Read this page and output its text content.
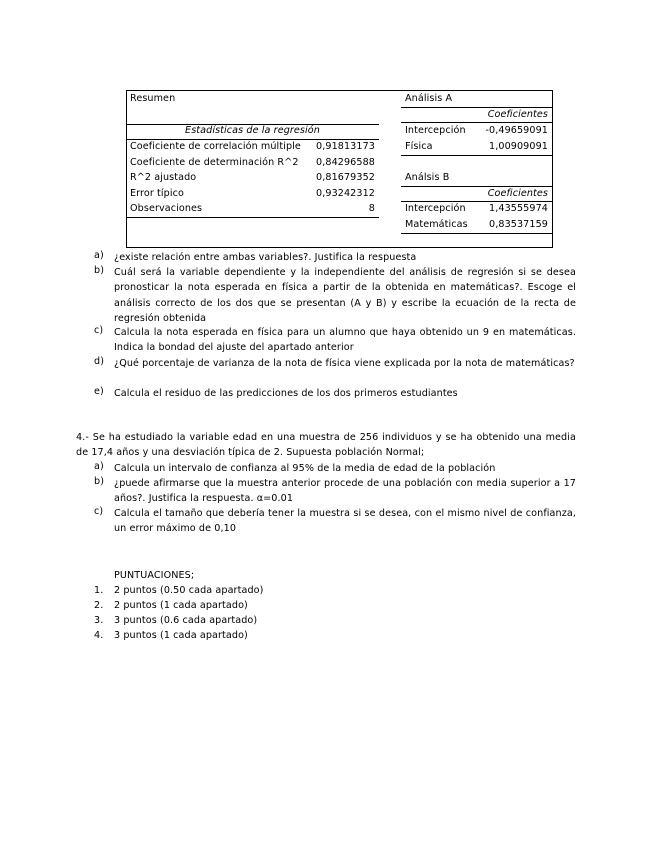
Resumen
Estadísticas de la regresión
Coeficiente de correlación múltiple	0,91813173
Coeficiente de determinación R^2	0,84296588
R^2 ajustado	0,81679352
Error típico	0,93242312
Observaciones	8
Análisis A
Coeficientes
Intercepción	-0,49659091
Física	1,00909091
Análsis B
Coeficientes
Intercepción	1,43555974
Matemáticas	0,83537159
a) ¿existe relación entre ambas variables?. Justifica la respuesta
b) Cuál será la variable dependiente y la independiente del análisis de regresión si se desea pronosticar la nota esperada en física a partir de la obtenida en matemáticas?. Escoge el análisis correcto de los dos que se presentan (A y B) y escribe la ecuación de la recta de regresión obtenida
c) Calcula la nota esperada en física para un alumno que haya obtenido un 9 en matemáticas. Indica la bondad del ajuste del apartado anterior
d) ¿Qué porcentaje de varianza de la nota de física viene explicada por la nota de matemáticas?
e) Calcula el residuo de las predicciones de los dos primeros estudiantes
4.- Se ha estudiado la variable edad en una muestra de 256 individuos y se ha obtenido una media de 17,4 años y una desviación típica de 2. Supuesta población Normal;
a) Calcula un intervalo de confianza al 95% de la media de edad de la población
b) ¿puede afirmarse que la muestra anterior procede de una población con media superior a 17 años?. Justifica la respuesta. α=0.01
c) Calcula el tamaño que debería tener la muestra si se desea, con el mismo nivel de confianza, un error máximo de 0,10
PUNTUACIONES;
1. 2 puntos (0.50 cada apartado)
2. 2 puntos (1 cada apartado)
3. 3 puntos (0.6 cada apartado)
4. 3 puntos (1 cada apartado)
